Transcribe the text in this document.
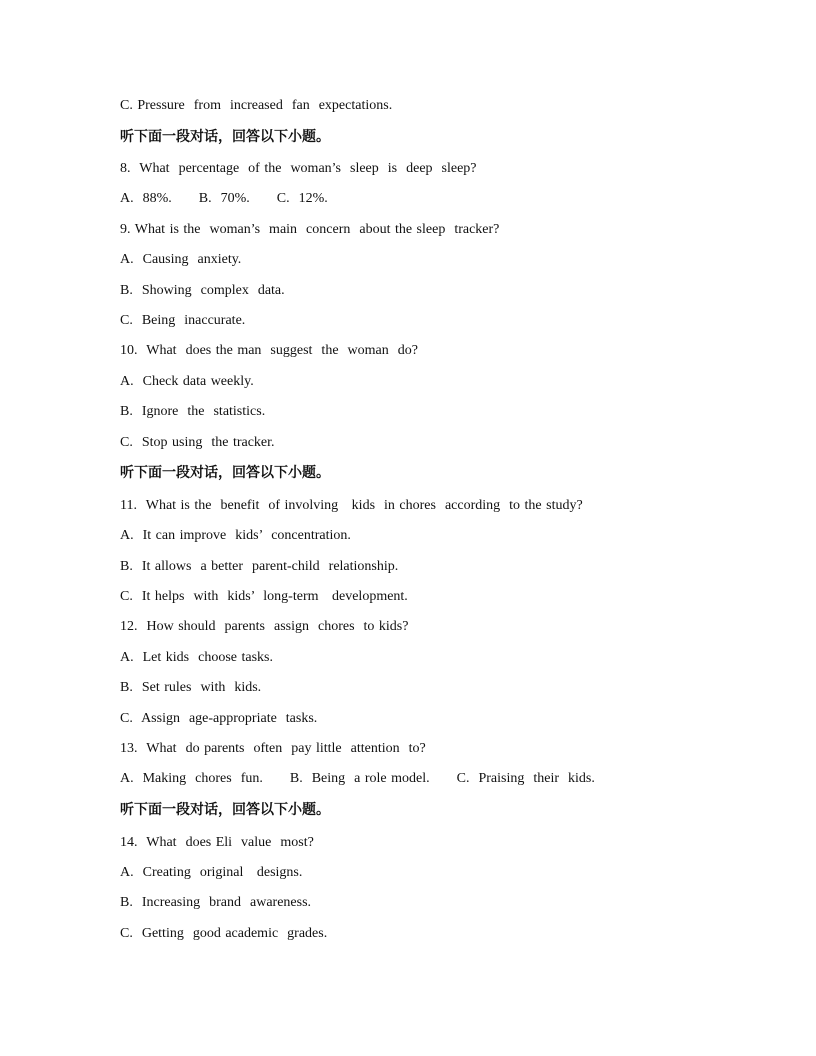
C. Pressure  from  increased  fan  expectations.
听下面一段对话，回答以下小题。
8.  What  percentage  of the  woman’s  sleep  is  deep  sleep?
A.  88%.      B.  70%.      C.  12%.
9. What is the  woman’s  main  concern  about the sleep  tracker?
A.  Causing  anxiety.
B.  Showing  complex  data.
C.  Being  inaccurate.
10.  What  does the man  suggest  the  woman  do?
A.  Check data weekly.
B.  Ignore  the  statistics.
C.  Stop using  the tracker.
听下面一段对话，回答以下小题。
11.  What is the  benefit  of involving   kids  in chores  according  to the study?
A.  It can improve  kids’  concentration.
B.  It allows  a better  parent-child  relationship.
C.  It helps  with  kids’  long-term   development.
12.  How should  parents  assign  chores  to kids?
A.  Let kids  choose tasks.
B.  Set rules  with  kids.
C.  Assign  age-appropriate  tasks.
13.  What  do parents  often  pay little  attention  to?
A.  Making  chores  fun.      B.  Being  a role model.      C.  Praising  their  kids.
听下面一段对话，回答以下小题。
14.  What  does Eli  value  most?
A.  Creating  original   designs.
B.  Increasing  brand  awareness.
C.  Getting  good academic  grades.
